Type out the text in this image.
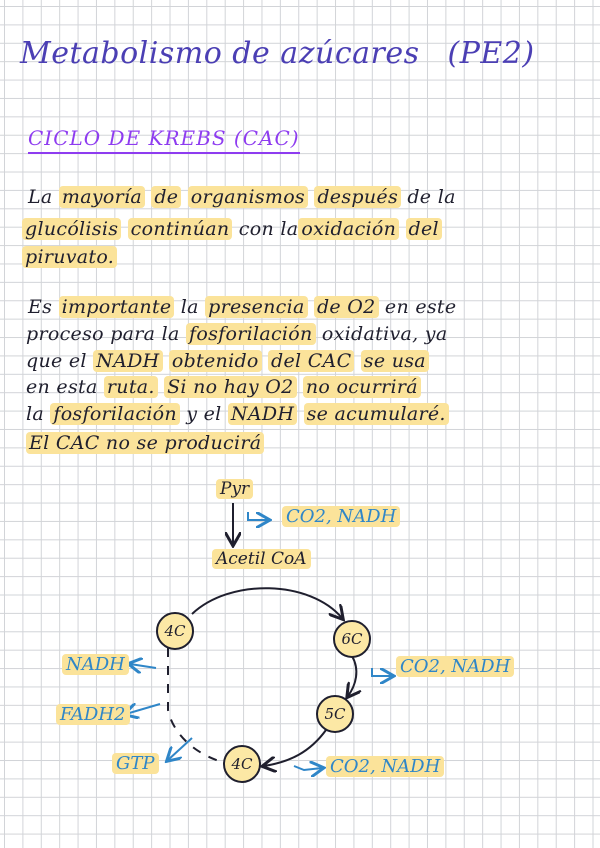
Metabolismo de azúcares (PE2)
CICLO DE KREBS (CAC)
La mayoría de organismos después de la
glucólisis continúan con la oxidación del
piruvato.
Es importante la presencia de O2 en este
proceso para la fosforilación oxidativa, ya
que el NADH obtenido del CAC se usa
en esta ruta. Si no hay O2 no ocurrirá
la fosforilación y el NADH se acumularé.
El CAC no se producirá
Pyr
CO2, NADH
Acetil CoA
4C	6C
5C
4C
CO2, NADH
CO2, NADH
NADH
FADH2
GTP
